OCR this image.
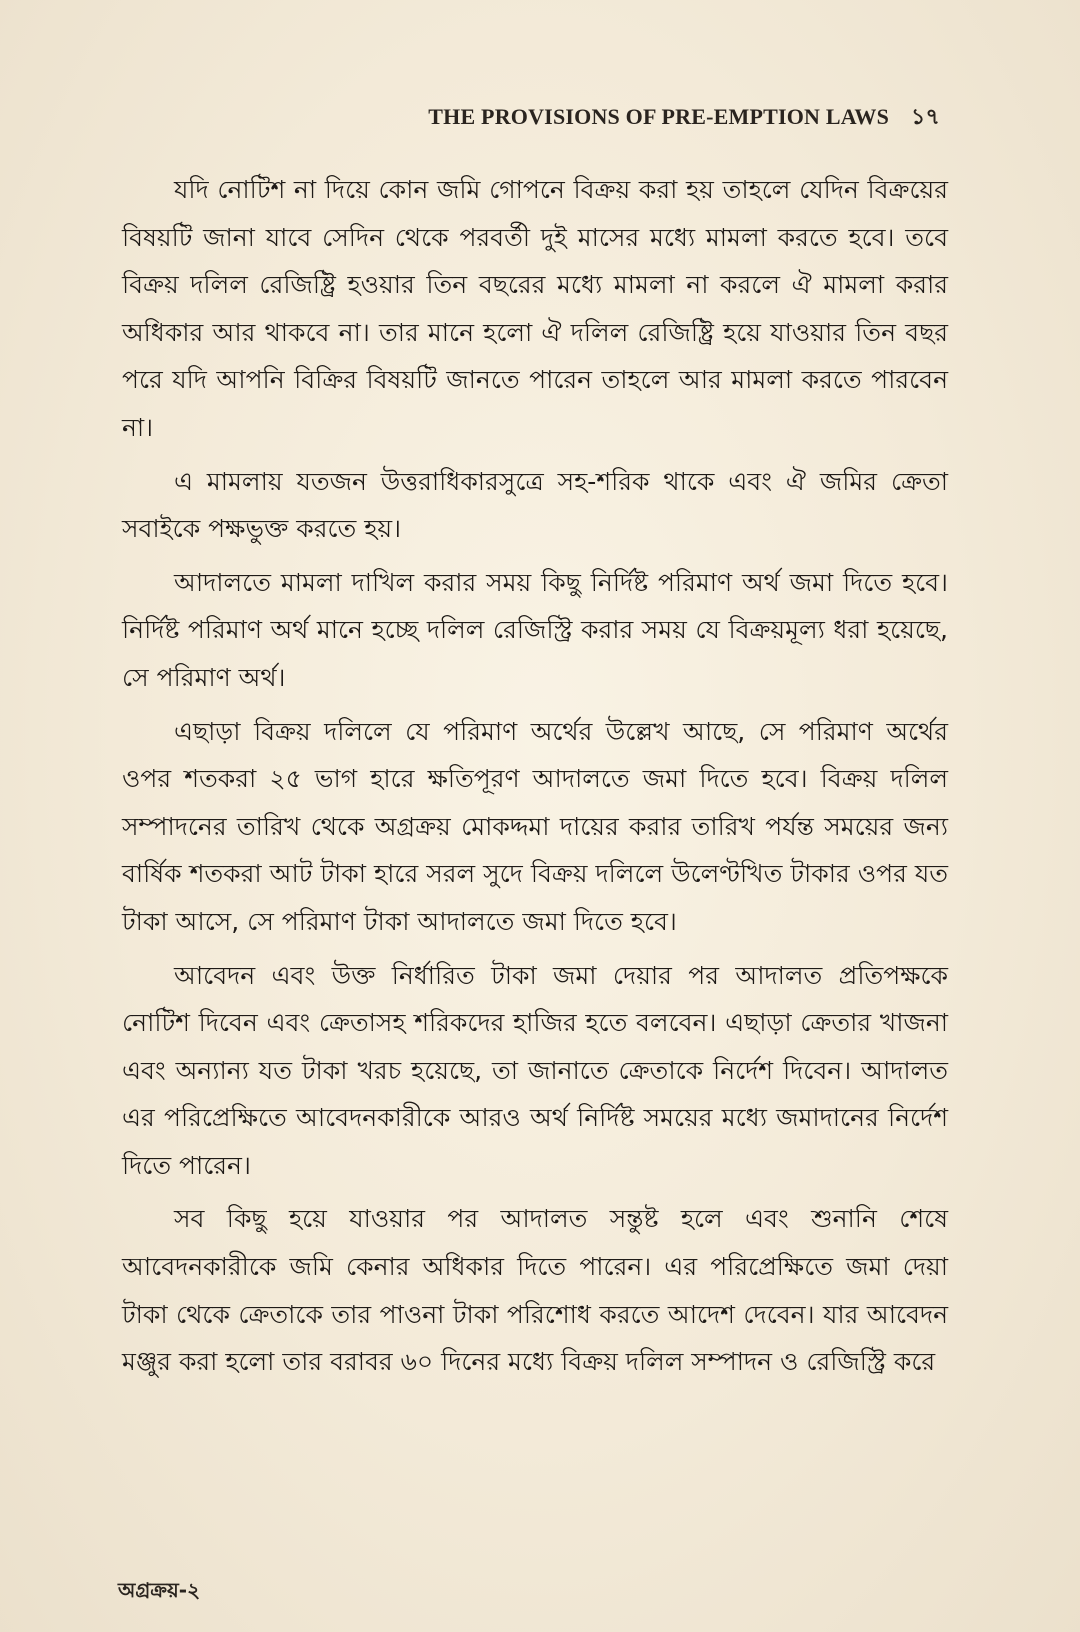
THE PROVISIONS OF PRE-EMPTION LAWS ১৭

যদি নোটিশ না দিয়ে কোন জমি গোপনে বিক্রয় করা হয় তাহলে যেদিন বিক্রয়ের বিষয়টি জানা যাবে সেদিন থেকে পরবর্তী দুই মাসের মধ্যে মামলা করতে হবে। তবে বিক্রয় দলিল রেজিষ্ট্রি হওয়ার তিন বছরের মধ্যে মামলা না করলে ঐ মামলা করার অধিকার আর থাকবে না। তার মানে হলো ঐ দলিল রেজিষ্ট্রি হয়ে যাওয়ার তিন বছর পরে যদি আপনি বিক্রির বিষয়টি জানতে পারেন তাহলে আর মামলা করতে পারবেন না।

এ মামলায় যতজন উত্তরাধিকারসুত্রে সহ-শরিক থাকে এবং ঐ জমির ক্রেতা সবাইকে পক্ষভুক্ত করতে হয়।

আদালতে মামলা দাখিল করার সময় কিছু নির্দিষ্ট পরিমাণ অর্থ জমা দিতে হবে। নির্দিষ্ট পরিমাণ অর্থ মানে হচ্ছে দলিল রেজিস্ট্রি করার সময় যে বিক্রয়মূল্য ধরা হয়েছে, সে পরিমাণ অর্থ।

এছাড়া বিক্রয় দলিলে যে পরিমাণ অর্থের উল্লেখ আছে, সে পরিমাণ অর্থের ওপর শতকরা ২৫ ভাগ হারে ক্ষতিপূরণ আদালতে জমা দিতে হবে। বিক্রয় দলিল সম্পাদনের তারিখ থেকে অগ্রক্রয় মোকদ্দমা দায়ের করার তারিখ পর্যন্ত সময়ের জন্য বার্ষিক শতকরা আট টাকা হারে সরল সুদে বিক্রয় দলিলে উলেণ্টখিত টাকার ওপর যত টাকা আসে, সে পরিমাণ টাকা আদালতে জমা দিতে হবে।

আবেদন এবং উক্ত নির্ধারিত টাকা জমা দেয়ার পর আদালত প্রতিপক্ষকে নোটিশ দিবেন এবং ক্রেতাসহ শরিকদের হাজির হতে বলবেন। এছাড়া ক্রেতার খাজনা এবং অন্যান্য যত টাকা খরচ হয়েছে, তা জানাতে ক্রেতাকে নির্দেশ দিবেন। আদালত এর পরিপ্রেক্ষিতে আবেদনকারীকে আরও অর্থ নির্দিষ্ট সময়ের মধ্যে জমাদানের নির্দেশ দিতে পারেন।

সব কিছু হয়ে যাওয়ার পর আদালত সন্তুষ্ট হলে এবং শুনানি শেষে আবেদনকারীকে জমি কেনার অধিকার দিতে পারেন। এর পরিপ্রেক্ষিতে জমা দেয়া টাকা থেকে ক্রেতাকে তার পাওনা টাকা পরিশোধ করতে আদেশ দেবেন। যার আবেদন মঞ্জুর করা হলো তার বরাবর ৬০ দিনের মধ্যে বিক্রয় দলিল সম্পাদন ও রেজিস্ট্রি করে

অগ্রক্রয়-২
